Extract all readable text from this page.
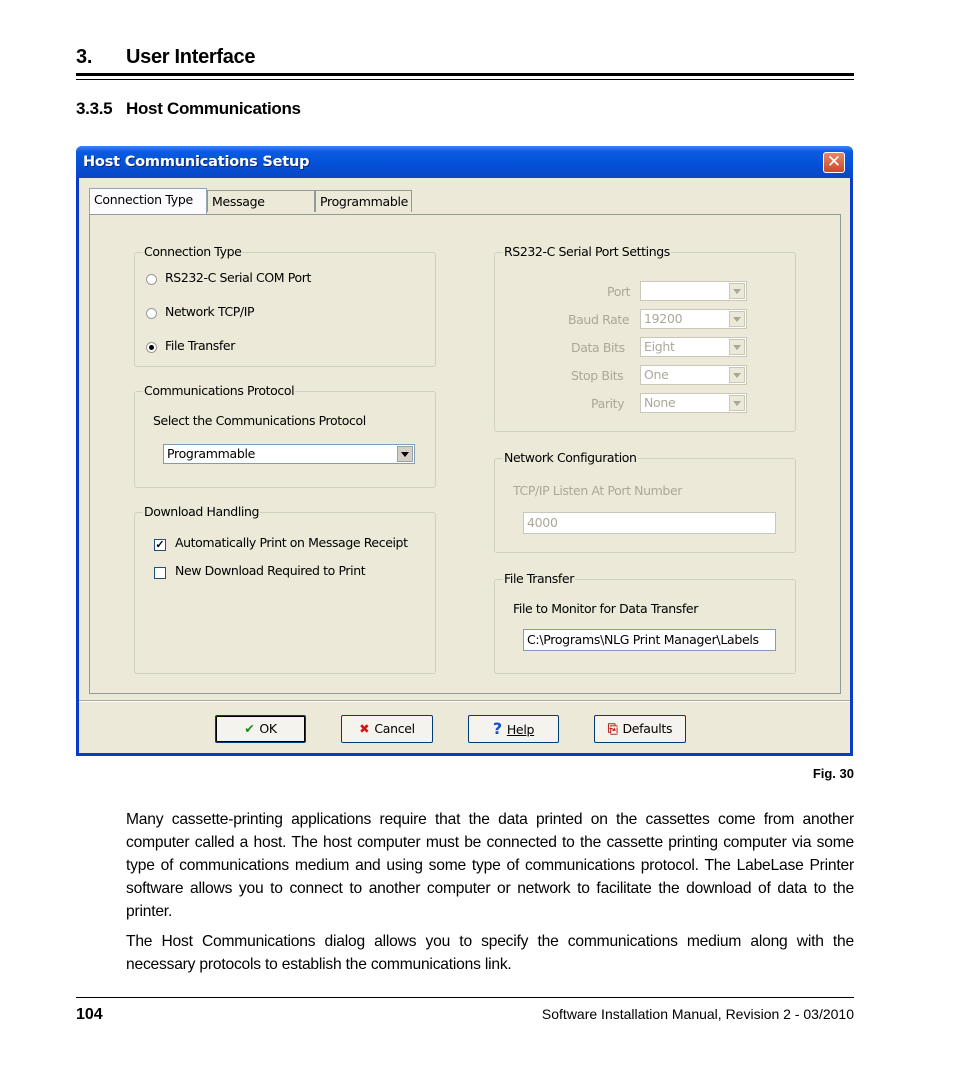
3. User Interface
3.3.5 Host Communications
Host Communications Setup	✕
Connection Type	Message	Programmable
Connection Type
RS232-C Serial COM Port
Network TCP/IP
File Transfer
Communications Protocol
Select the Communications Protocol
Programmable
Download Handling
✓ Automatically Print on Message Receipt
New Download Required to Print
RS232-C Serial Port Settings
Port
Baud Rate	19200
Data Bits	Eight
Stop Bits	One
Parity	None
Network Configuration
TCP/IP Listen At Port Number
4000
File Transfer
File to Monitor for Data Transfer
C:\Programs\NLG Print Manager\Labels
✔ OK	✖ Cancel	? Help	⎘ Defaults
Fig. 30
Many cassette-printing applications require that the data printed on the cassettes come from another computer called a host. The host computer must be connected to the cassette printing computer via some type of communications medium and using some type of communications protocol. The LabeLase Printer software allows you to connect to another computer or network to facilitate the download of data to the printer.
The Host Communications dialog allows you to specify the communications medium along with the necessary protocols to establish the communications link.
104	Software Installation Manual, Revision 2 - 03/2010
